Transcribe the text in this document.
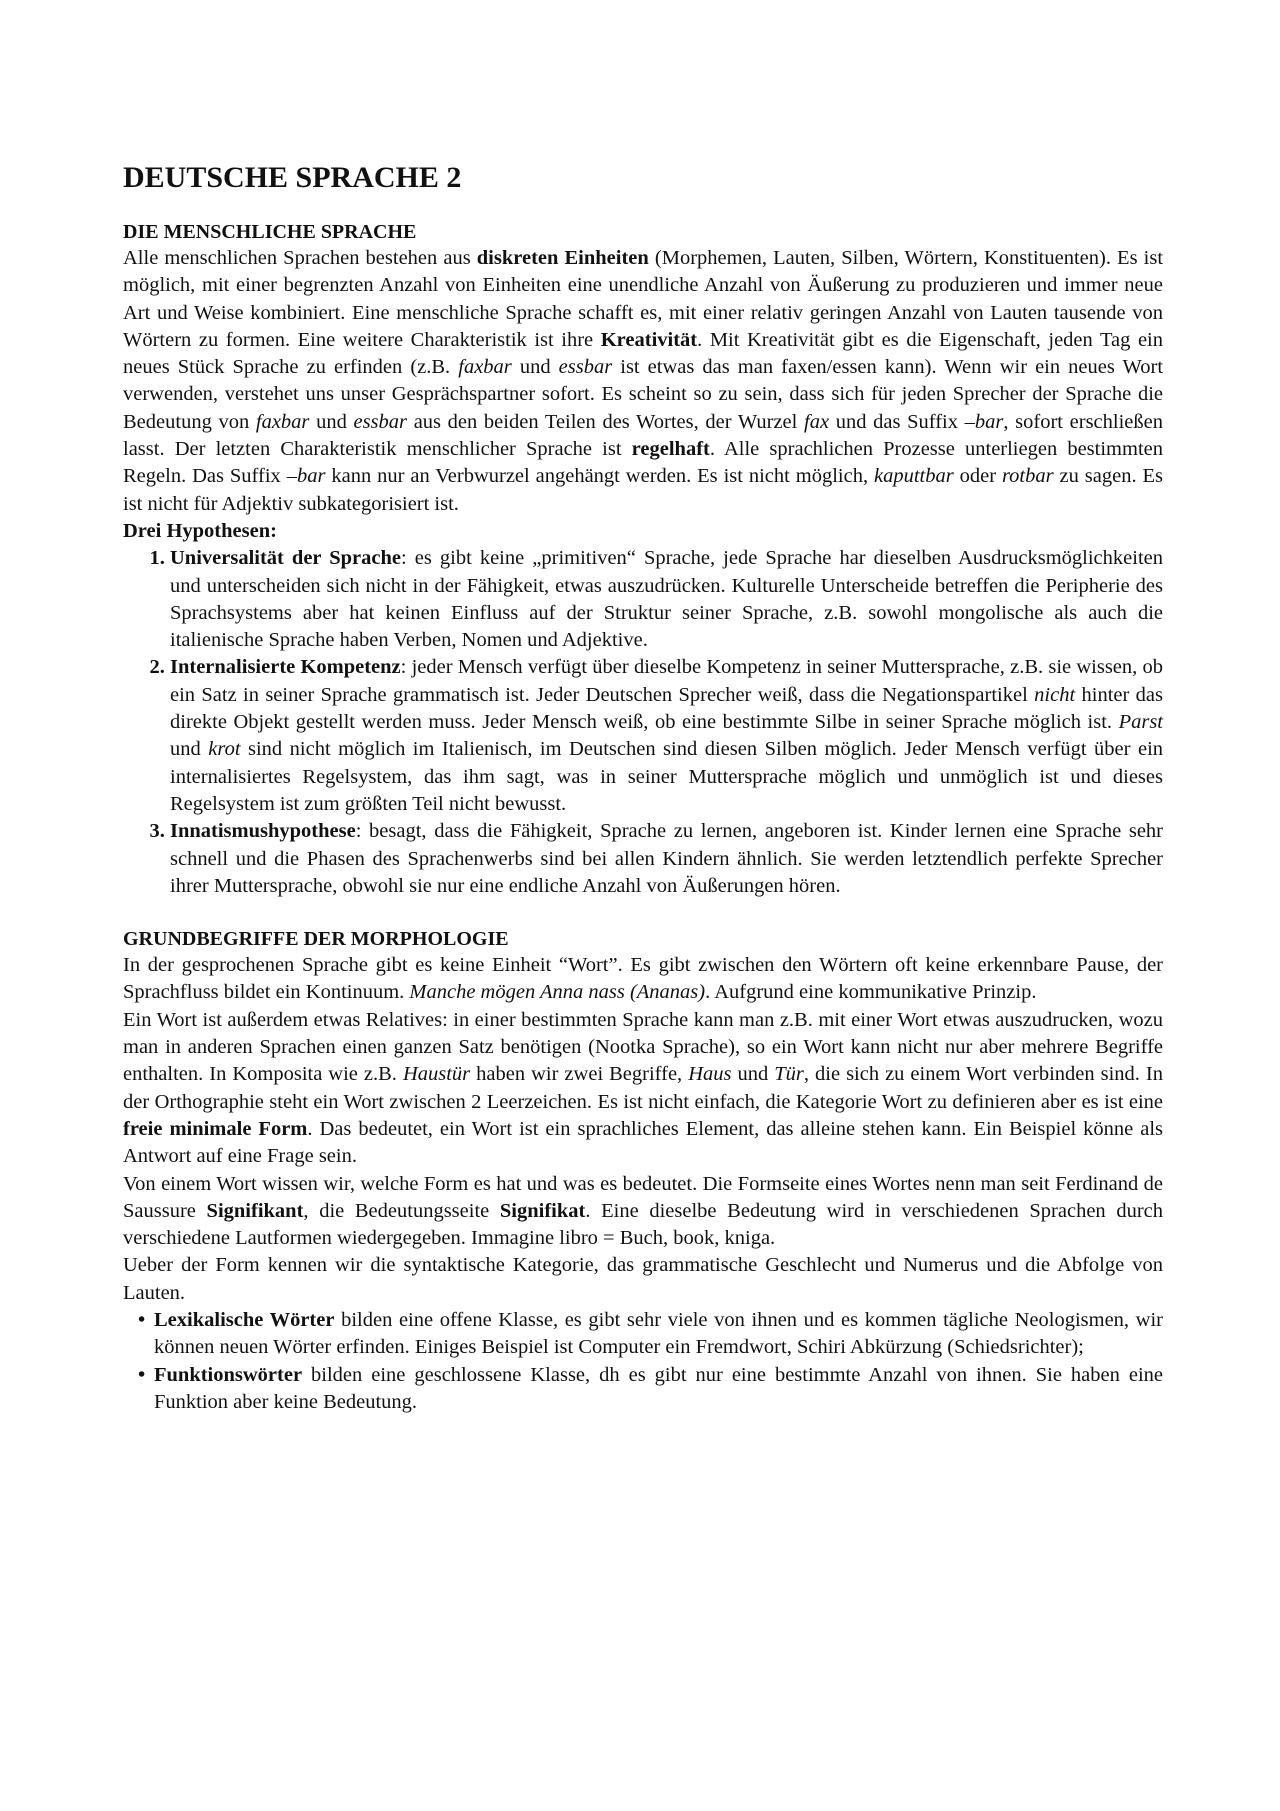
DEUTSCHE SPRACHE 2
DIE MENSCHLICHE SPRACHE

Alle menschlichen Sprachen bestehen aus diskreten Einheiten (Morphemen, Lauten, Silben, Wörtern, Konstituenten). Es ist möglich, mit einer begrenzten Anzahl von Einheiten eine unendliche Anzahl von Äußerung zu produzieren und immer neue Art und Weise kombiniert. Eine menschliche Sprache schafft es, mit einer relativ geringen Anzahl von Lauten tausende von Wörtern zu formen. Eine weitere Charakteristik ist ihre Kreativität. Mit Kreativität gibt es die Eigenschaft, jeden Tag ein neues Stück Sprache zu erfinden (z.B. faxbar und essbar ist etwas das man faxen/essen kann). Wenn wir ein neues Wort verwenden, verstehet uns unser Gesprächspartner sofort. Es scheint so zu sein, dass sich für jeden Sprecher der Sprache die Bedeutung von faxbar und essbar aus den beiden Teilen des Wortes, der Wurzel fax und das Suffix –bar, sofort erschließen lasst. Der letzten Charakteristik menschlicher Sprache ist regelhaft. Alle sprachlichen Prozesse unterliegen bestimmten Regeln. Das Suffix –bar kann nur an Verbwurzel angehängt werden. Es ist nicht möglich, kaputtbar oder rotbar zu sagen. Es ist nicht für Adjektiv subkategorisiert ist.

Drei Hypothesen:

1. Universalität der Sprache: es gibt keine „primitiven“ Sprache, jede Sprache har dieselben Ausdrucksmöglichkeiten und unterscheiden sich nicht in der Fähigkeit, etwas auszudrücken. Kulturelle Unterscheide betreffen die Peripherie des Sprachsystems aber hat keinen Einfluss auf der Struktur seiner Sprache, z.B. sowohl mongolische als auch die italienische Sprache haben Verben, Nomen und Adjektive.
2. Internalisierte Kompetenz: jeder Mensch verfügt über dieselbe Kompetenz in seiner Muttersprache, z.B. sie wissen, ob ein Satz in seiner Sprache grammatisch ist. Jeder Deutschen Sprecher weiß, dass die Negationspartikel nicht hinter das direkte Objekt gestellt werden muss. Jeder Mensch weiß, ob eine bestimmte Silbe in seiner Sprache möglich ist. Parst und krot sind nicht möglich im Italienisch, im Deutschen sind diesen Silben möglich. Jeder Mensch verfügt über ein internalisiertes Regelsystem, das ihm sagt, was in seiner Muttersprache möglich und unmöglich ist und dieses Regelsystem ist zum größten Teil nicht bewusst.
3. Innatismushypothese: besagt, dass die Fähigkeit, Sprache zu lernen, angeboren ist. Kinder lernen eine Sprache sehr schnell und die Phasen des Sprachenwerbs sind bei allen Kindern ähnlich. Sie werden letztendlich perfekte Sprecher ihrer Muttersprache, obwohl sie nur eine endliche Anzahl von Äußerungen hören.
GRUNDBEGRIFFE DER MORPHOLOGIE

In der gesprochenen Sprache gibt es keine Einheit “Wort”. Es gibt zwischen den Wörtern oft keine erkennbare Pause, der Sprachfluss bildet ein Kontinuum. Manche mögen Anna nass (Ananas). Aufgrund eine kommunikative Prinzip.

Ein Wort ist außerdem etwas Relatives: in einer bestimmten Sprache kann man z.B. mit einer Wort etwas auszudrucken, wozu man in anderen Sprachen einen ganzen Satz benötigen (Nootka Sprache), so ein Wort kann nicht nur aber mehrere Begriffe enthalten. In Komposita wie z.B. Haustür haben wir zwei Begriffe, Haus und Tür, die sich zu einem Wort verbinden sind. In der Orthographie steht ein Wort zwischen 2 Leerzeichen. Es ist nicht einfach, die Kategorie Wort zu definieren aber es ist eine freie minimale Form. Das bedeutet, ein Wort ist ein sprachliches Element, das alleine stehen kann. Ein Beispiel könne als Antwort auf eine Frage sein.

Von einem Wort wissen wir, welche Form es hat und was es bedeutet. Die Formseite eines Wortes nenn man seit Ferdinand de Saussure Signifikant, die Bedeutungsseite Signifikat. Eine dieselbe Bedeutung wird in verschiedenen Sprachen durch verschiedene Lautformen wiedergegeben. Immagine libro = Buch, book, kniga.

Ueber der Form kennen wir die syntaktische Kategorie, das grammatische Geschlecht und Numerus und die Abfolge von Lauten.

• Lexikalische Wörter bilden eine offene Klasse, es gibt sehr viele von ihnen und es kommen tägliche Neologismen, wir können neuen Wörter erfinden. Einiges Beispiel ist Computer ein Fremdwort, Schiri Abkürzung (Schiedsrichter);
• Funktionswörter bilden eine geschlossene Klasse, dh es gibt nur eine bestimmte Anzahl von ihnen. Sie haben eine Funktion aber keine Bedeutung.
